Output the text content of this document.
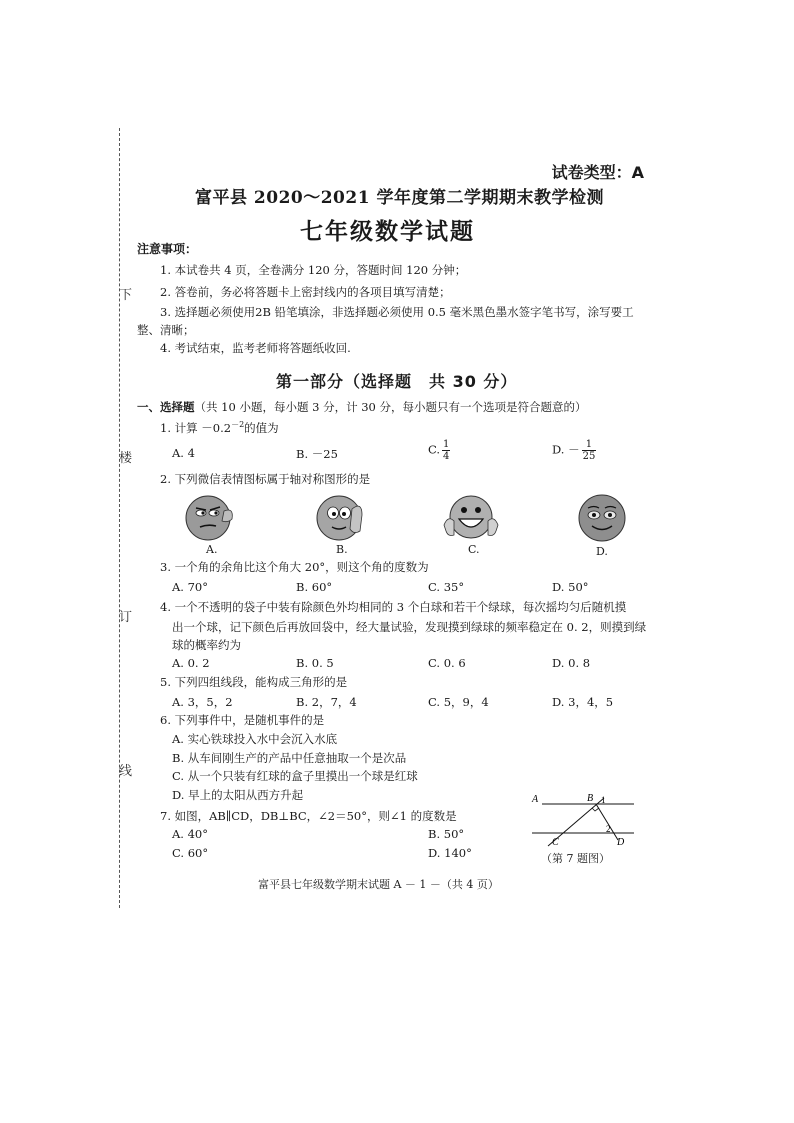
下
楼
订
线
试卷类型：A
富平县 2020～2021 学年度第二学期期末教学检测
七年级数学试题
注意事项：
1. 本试卷共 4 页，全卷满分 120 分，答题时间 120 分钟；
2. 答卷前，务必将答题卡上密封线内的各项目填写清楚；
3. 选择题必须使用2B 铅笔填涂，非选择题必须使用 0.5 毫米黑色墨水签字笔书写，涂写要工
整、清晰；
4. 考试结束，监考老师将答题纸收回.
第一部分（选择题　共 30 分）
一、选择题（共 10 小题，每小题 3 分，计 30 分，每小题只有一个选项是符合题意的）
1. 计算 $-0.2^{-2}$的值为
A. 4	B. －25	C. $\frac{1}{4}$	D. － $\frac{1}{25}$
2. 下列微信表情图标属于轴对称图形的是
A.	B.	C.	D.
3. 一个角的余角比这个角大 20°，则这个角的度数为
A. 70°	B. 60°	C. 35°	D. 50°
4. 一个不透明的袋子中装有除颜色外均相同的 3 个白球和若干个绿球，每次摇均匀后随机摸
出一个球，记下颜色后再放回袋中，经大量试验，发现摸到绿球的频率稳定在 0. 2，则摸到绿
球的概率约为
A. 0. 2	B. 0. 5	C. 0. 6	D. 0. 8
5. 下列四组线段，能构成三角形的是
A. 3，5，2	B. 2，7，4	C. 5，9，4	D. 3，4，5
6. 下列事件中，是随机事件的是
A. 实心铁球投入水中会沉入水底
B. 从车间刚生产的产品中任意抽取一个是次品
C. 从一个只装有红球的盒子里摸出一个球是红球
D. 早上的太阳从西方升起
7. 如图，AB∥CD，DB⊥BC，∠2＝50°，则∠1 的度数是
A. 40°	B. 50°
C. 60°	D. 140°
A	B 1
C
2
D
（第 7 题图）
富平县七年级数学期末试题 A － 1 －（共 4 页）
